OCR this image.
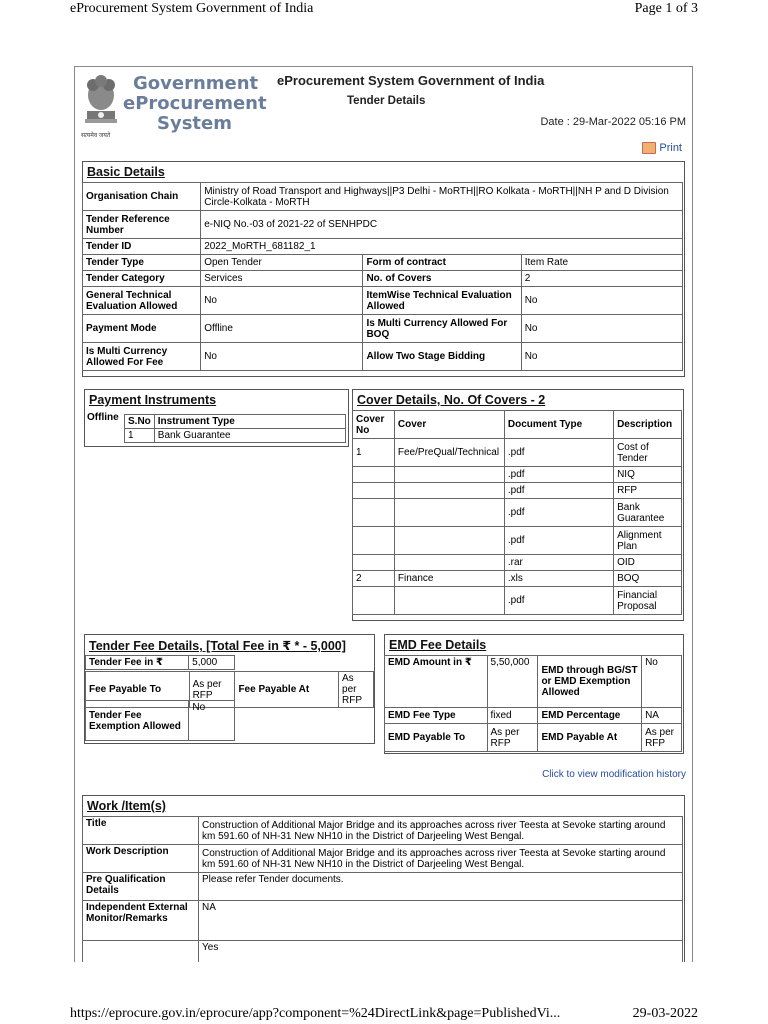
eProcurement System Government of India	Page 1 of 3
सत्यमेव जयते
Government
eProcurement
System
eProcurement System Government of India
Tender Details
Date : 29-Mar-2022 05:16 PM
Print
Basic Details
Organisation Chain	Ministry of Road Transport and Highways||P3 Delhi - MoRTH||RO Kolkata - MoRTH||NH P and D Division Circle-Kolkata - MoRTH		
Tender Reference Number	e-NIQ No.-03 of 2021-22 of SENHPDC		
Tender ID	2022_MoRTH_681182_1		
Tender Type	Open Tender	Form of contract	Item Rate
Tender Category	Services	No. of Covers	2
General Technical Evaluation Allowed	No	ItemWise Technical Evaluation Allowed	No
Payment Mode	Offline	Is Multi Currency Allowed For BOQ	No
Is Multi Currency Allowed For Fee	No	Allow Two Stage Bidding	No
Payment Instruments
Offline S.No	Instrument Type
1	Bank Guarantee
Cover Details, No. Of Covers - 2
Cover No	Cover	Document Type	Description
1	Fee/PreQual/Technical	.pdf	Cost of Tender
		.pdf	NIQ
		.pdf	RFP
		.pdf	Bank Guarantee
		.pdf	Alignment Plan
		.rar	OID
2	Finance	.xls	BOQ
		.pdf	Financial Proposal
Tender Fee Details, [Total Fee in ₹ * - 5,000]
Tender Fee in ₹	5,000
Fee Payable To	As per RFP	Fee Payable At	As per RFP
Tender Fee Exemption Allowed	No
EMD Fee Details
EMD Amount in ₹	5,50,000	EMD through BG/ST or EMD Exemption Allowed	No
EMD Fee Type	fixed	EMD Percentage	NA
EMD Payable To	As per RFP	EMD Payable At	As per RFP
Click to view modification history
Work /Item(s)
Title	Construction of Additional Major Bridge and its approaches across river Teesta at Sevoke starting around km 591.60 of NH-31 New NH10 in the District of Darjeeling West Bengal.
Work Description	Construction of Additional Major Bridge and its approaches across river Teesta at Sevoke starting around km 591.60 of NH-31 New NH10 in the District of Darjeeling West Bengal.
Pre Qualification Details	Please refer Tender documents.
Independent External Monitor/Remarks	NA
	Yes
https://eprocure.gov.in/eprocure/app?component=%24DirectLink&page=PublishedVi...	29-03-2022
